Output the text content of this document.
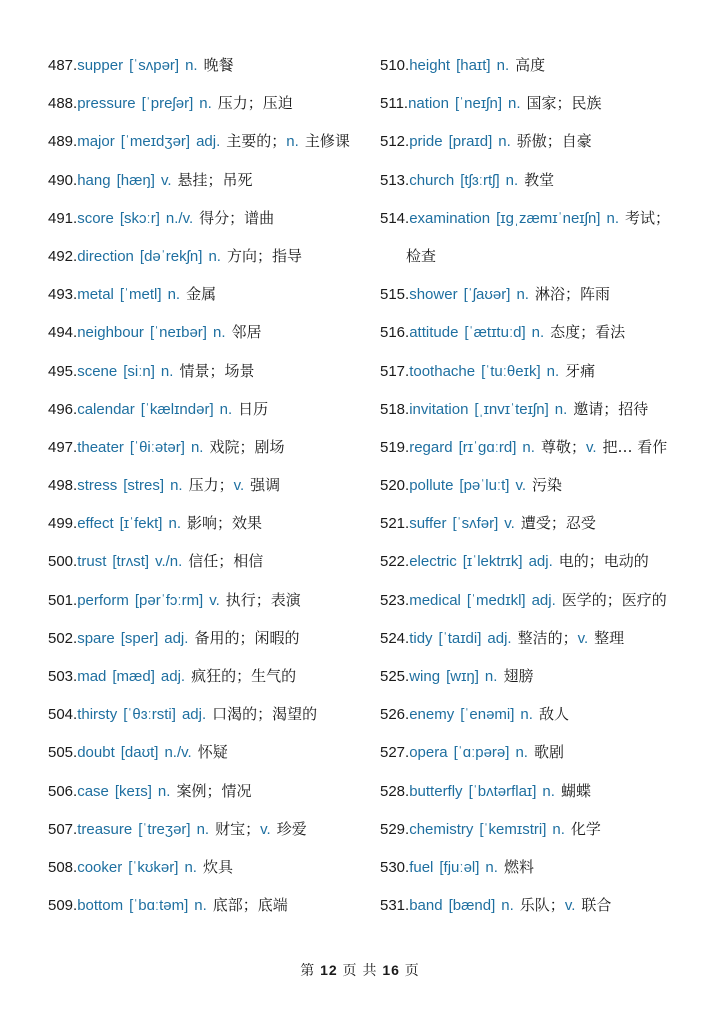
487.supper [ˈsʌpər] n. 晚餐
488.pressure [ˈpreʃər] n. 压力；压迫
489.major [ˈmeɪdʒər] adj. 主要的；n. 主修课
490.hang [hæŋ] v. 悬挂；吊死
491.score [skɔːr] n./v. 得分；谱曲
492.direction [dəˈrekʃn] n. 方向；指导
493.metal [ˈmetl] n. 金属
494.neighbour [ˈneɪbər] n. 邻居
495.scene [siːn] n. 情景；场景
496.calendar [ˈkælɪndər] n. 日历
497.theater [ˈθiːətər] n. 戏院；剧场
498.stress [stres] n. 压力；v. 强调
499.effect [ɪˈfekt] n. 影响；效果
500.trust [trʌst] v./n. 信任；相信
501.perform [pərˈfɔːrm] v. 执行；表演
502.spare [sper] adj. 备用的；闲暇的
503.mad [mæd] adj. 疯狂的；生气的
504.thirsty [ˈθɜːrsti] adj. 口渴的；渴望的
505.doubt [daʊt] n./v. 怀疑
506.case [keɪs] n. 案例；情况
507.treasure [ˈtreʒər] n. 财宝；v. 珍爱
508.cooker [ˈkʊkər] n. 炊具
509.bottom [ˈbɑːtəm] n. 底部；底端
510.height [haɪt] n. 高度
511.nation [ˈneɪʃn] n. 国家；民族
512.pride [praɪd] n. 骄傲；自豪
513.church [tʃɜːrtʃ] n. 教堂
514.examination [ɪɡˌzæmɪˈneɪʃn] n. 考试；
检查
515.shower [ˈʃaʊər] n. 淋浴；阵雨
516.attitude [ˈætɪtuːd] n. 态度；看法
517.toothache [ˈtuːθeɪk] n. 牙痛
518.invitation [ˌɪnvɪˈteɪʃn] n. 邀请；招待
519.regard [rɪˈɡɑːrd] n. 尊敬；v. 把… 看作
520.pollute [pəˈluːt] v. 污染
521.suffer [ˈsʌfər] v. 遭受；忍受
522.electric [ɪˈlektrɪk] adj. 电的；电动的
523.medical [ˈmedɪkl] adj. 医学的；医疗的
524.tidy [ˈtaɪdi] adj. 整洁的；v. 整理
525.wing [wɪŋ] n. 翅膀
526.enemy [ˈenəmi] n. 敌人
527.opera [ˈɑːpərə] n. 歌剧
528.butterfly [ˈbʌtərflaɪ] n. 蝴蝶
529.chemistry [ˈkemɪstri] n. 化学
530.fuel [fjuːəl] n. 燃料
531.band [bænd] n. 乐队；v. 联合
第 12 页 共 16 页
